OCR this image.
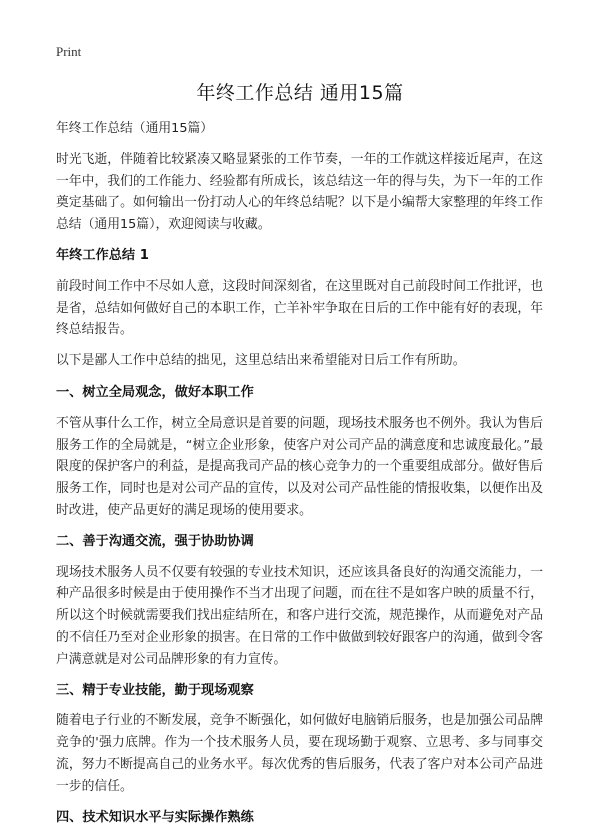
Print
年终工作总结 通用15篇

年终工作总结（通用15篇）

时光飞逝，伴随着比较紧凑又略显紧张的工作节奏，一年的工作就这样接近尾声，在这一年中，我们的工作能力、经验都有所成长，该总结这一年的得与失，为下一年的工作奠定基础了。如何输出一份打动人心的年终总结呢？以下是小编帮大家整理的年终工作总结（通用15篇），欢迎阅读与收藏。

年终工作总结 1

前段时间工作中不尽如人意，这段时间深刻省，在这里既对自己前段时间工作批评，也是省，总结如何做好自己的本职工作，亡羊补牢争取在日后的工作中能有好的表现，年终总结报告。

以下是鄙人工作中总结的拙见，这里总结出来希望能对日后工作有所助。

一、树立全局观念，做好本职工作

不管从事什么工作，树立全局意识是首要的问题，现场技术服务也不例外。我认为售后服务工作的全局就是，“树立企业形象，使客户对公司产品的满意度和忠诚度最化。”最限度的保护客户的利益，是提高我司产品的核心竞争力的一个重要组成部分。做好售后服务工作，同时也是对公司产品的宣传，以及对公司产品性能的情报收集，以便作出及时改进，使产品更好的满足现场的使用要求。

二、善于沟通交流，强于协助协调

现场技术服务人员不仅要有较强的专业技术知识，还应该具备良好的沟通交流能力，一种产品很多时候是由于使用操作不当才出现了问题，而在往不是如客户映的质量不行，所以这个时候就需要我们找出症结所在，和客户进行交流，规范操作，从而避免对产品的不信任乃至对企业形象的损害。在日常的工作中做做到较好跟客户的沟通，做到令客户满意就是对公司品牌形象的有力宣传。

三、精于专业技能，勤于现场观察

随着电子行业的不断发展，竞争不断强化，如何做好电脑销后服务，也是加强公司品牌竞争的'强力底牌。作为一个技术服务人员，要在现场勤于观察、立思考、多与同事交流，努力不断提高自己的业务水平。每次优秀的售后服务，代表了客户对本公司产品进一步的信任。

四、技术知识水平与实际操作熟练
